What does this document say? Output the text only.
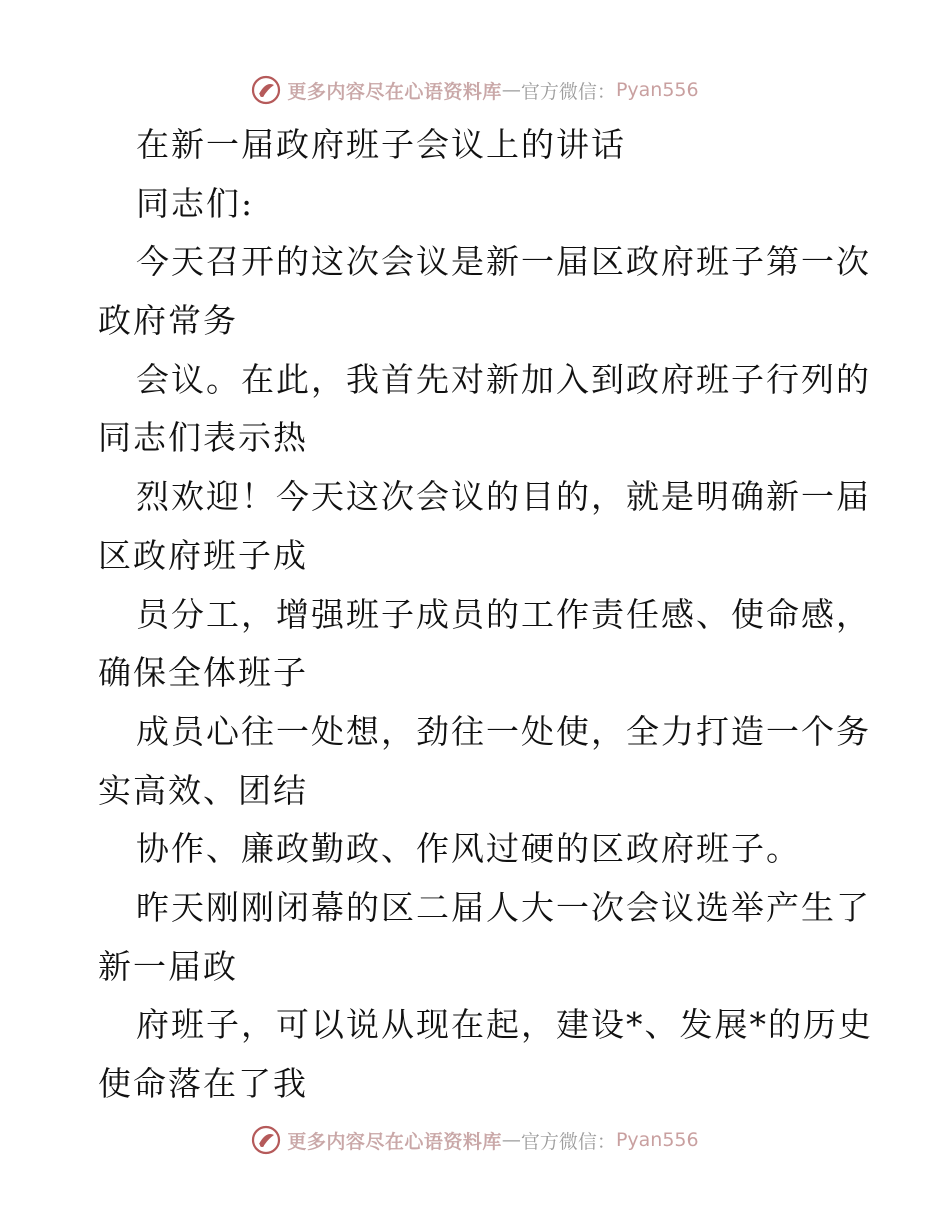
更多内容尽在心语资料库 — 官方微信： Pyan556
在新一届政府班子会议上的讲话
同志们:
今天召开的这次会议是新一届区政府班子第一次
政府常务
会议。在此，我首先对新加入到政府班子行列的
同志们表示热
烈欢迎！今天这次会议的目的，就是明确新一届
区政府班子成
员分工，增强班子成员的工作责任感、使命感，
确保全体班子
成员心往一处想，劲往一处使，全力打造一个务
实高效、团结
协作、廉政勤政、作风过硬的区政府班子。
昨天刚刚闭幕的区二届人大一次会议选举产生了
新一届政
府班子，可以说从现在起，建设*、发展*的历史
使命落在了我
更多内容尽在心语资料库 — 官方微信： Pyan556
